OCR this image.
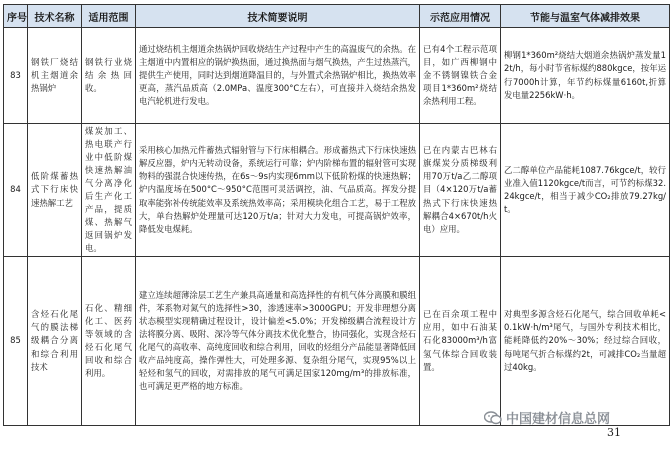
序号	技术名称	适用范围	技术简要说明	示范应用情况	节能与温室气体减排效果
83	钢铁厂烧结机主烟道余热锅炉	钢铁行业烧结余热回收。	通过烧结机主烟道余热锅炉回收烧结生产过程中产生的高温废气的余热。在主烟道中内置相应的锅炉换热面，通过换热面与烟气换热，产生过热蒸汽，提供生产使用，同时达到烟道降温目的，与外置式余热锅炉相比，换热效率更高，蒸汽品质高（2.0MPa、温度300°C左右），可直接并入烧结余热发电汽轮机进行发电。	已有4个工程示范项目，如广西柳钢中金不锈钢镍铁合金项目1*360m²烧结余热利用工程。	柳钢1*360m²烧结大烟道余热锅炉蒸发量12t/h，每小时节省标煤约880kgce，按年运行7000h计算，年节约标煤量6160t,折算发电量2256kW·h。
84	低阶煤蓄热式下行床快速热解工艺	煤炭加工、热电联产行业中低阶煤快速热解油气分离净化后生产化工产品，提质煤、热解气返回锅炉发电。	采用核心加热元件蓄热式辐射管与下行床相耦合。形成蓄热式下行床快速热解反应器，炉内无转动设备，系统运行可靠；炉内阶梯布置的辐射管可实现物料的强混合快速传热，在6s～9s内实现6mm以下低阶粉煤的快速热解；炉内温度场在500°C～950°C范围可灵活调控，油、气品质高。挥发分提取率能弥补传统能效率及系统热效率高；采用模块化组合工艺，易于工程放大，单台热解炉处理量可达120万t/a；针对大力发电，可提高锅炉效率，降低发电煤耗。	已在内蒙古巴林右旗煤炭分质梯级利用70万t/a乙二醇项目（4×120万t/a蓄热式下行床快速热解耦合4×670t/h火电）应用。	乙二醇单位产品能耗1087.76kgce/t，较行业准入值1120kgce/t而言，可节约标煤32.24kgce/t，相当于减少CO₂排放79.27kg/t。
85	含烃石化尾气的膜法梯级耦合分离和综合利用技术	石化、精细化工、医药等领域的含烃石化尾气回收和综合利用。	建立连续超薄涂层工艺生产兼具高通量和高选择性的有机气体分离膜和膜组件，苯系物对氮气的选择性>30，渗透速率>3000GPU；开发非理想分离状态模型实现精确过程设计，设计偏差<5.0%；开发梯级耦合流程设计方法将膜分离、吸附、深冷等气体分离技术优化整合，协同强化，实现含烃石化尾气的高收率、高纯度回收和综合利用，回收的烃组分产品能显著降低回收产品纯度高，操作弹性大，可处理多源、复杂组分尾气，实现95%以上轻烃和氢气的回收，对需排放的尾气可满足国家120mg/m³的排放标准，也可满足更严格的地方标准。	已在百余项工程中应用，如中石油某石化83000m³/h富氢气体综合回收装置。	对典型多源含烃石化尾气，综合回收单耗<0.1kW·h/m³尾气，与国外专利技术相比，能耗降低约20%～30%；经过综合回收，每吨尾气折合标煤约2t，可减排CO₂当量超过40kg。
中国建材信息总网
31
